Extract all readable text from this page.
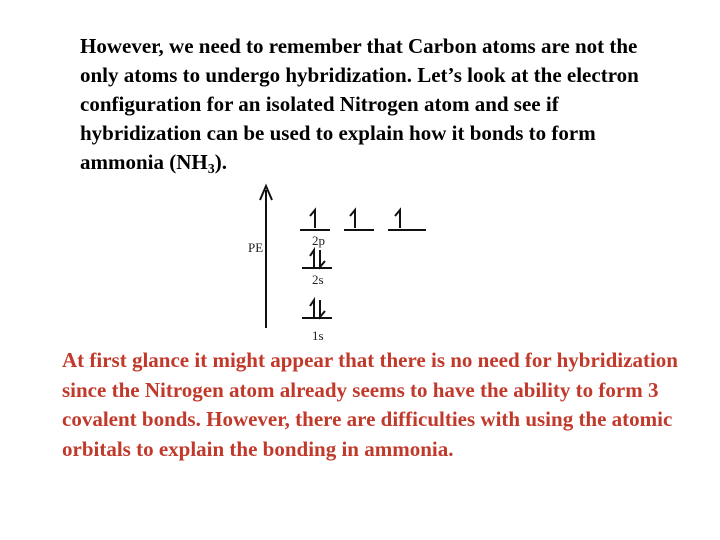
However, we need to remember that Carbon atoms are not the only atoms to undergo hybridization. Let’s look at the electron configuration for an isolated Nitrogen atom and see if hybridization can be used to explain how it bonds to form ammonia $(NH_3)$.
PE	2p
2s
1s
At first glance it might appear that there is no need for hybridization since the Nitrogen atom already seems to have the ability to form 3 covalent bonds. However, there are difficulties with using the atomic orbitals to explain the bonding in ammonia.
